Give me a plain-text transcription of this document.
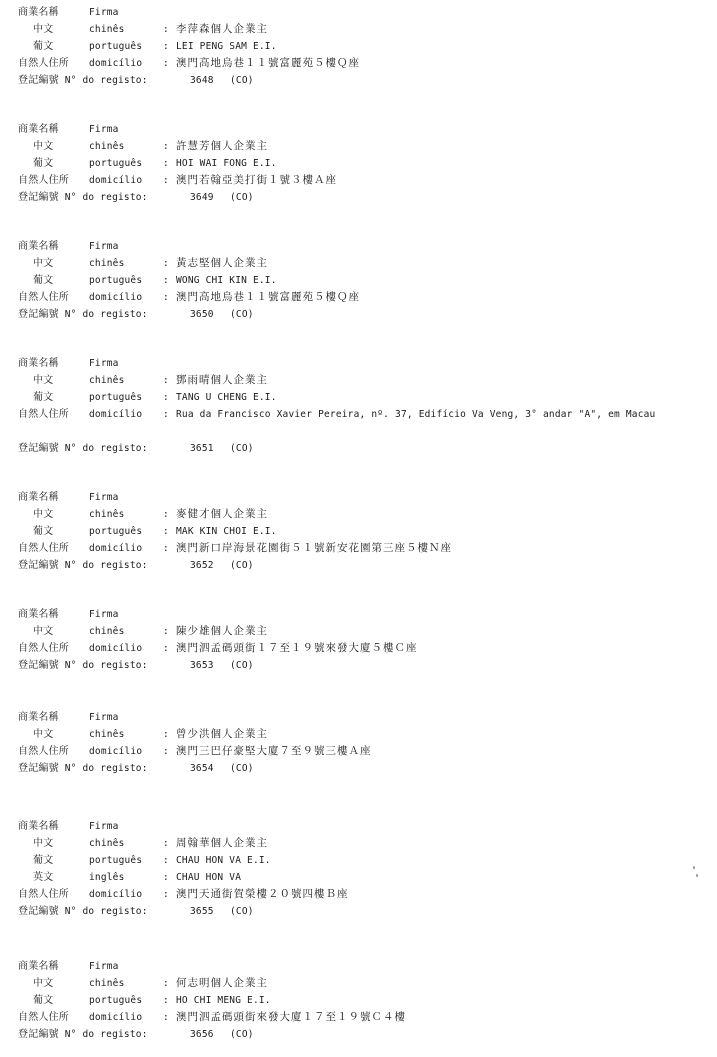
商業名稱	Firma
中文	chinês	: 李萍森個人企業主
葡文	português : LEI PENG SAM E.I.
自然人住所 domicílio : 澳門高地烏巷１１號富麗苑５樓Ｑ座
登記編號 N° do registo:	3648 (CO)
商業名稱	Firma
中文	chinês	: 許慧芳個人企業主
葡文	português : HOI WAI FONG E.I.
自然人住所 domicílio : 澳門若翰亞美打街１號３樓Ａ座
登記編號 N° do registo:	3649 (CO)
商業名稱	Firma
中文	chinês	: 黃志堅個人企業主
葡文	português : WONG CHI KIN E.I.
自然人住所 domicílio : 澳門高地烏巷１１號富麗苑５樓Ｑ座
登記編號 N° do registo:	3650 (CO)
商業名稱	Firma
中文	chinês	: 鄧雨晴個人企業主
葡文	português : TANG U CHENG E.I.
自然人住所 domicílio : Rua da Francisco Xavier Pereira, nº. 37, Edifício Va Veng, 3° andar "A", em Macau
登記編號 N° do registo:	3651 (CO)
商業名稱	Firma
中文	chinês	: 麥健才個人企業主
葡文	português : MAK KIN CHOI E.I.
自然人住所 domicílio : 澳門新口岸海景花園街５１號新安花園第三座５樓Ｎ座
登記編號 N° do registo:	3652 (CO)
商業名稱	Firma
中文	chinês	: 陳少雄個人企業主
自然人住所 domicílio : 澳門泗孟碼頭街１７至１９號來發大廈５樓Ｃ座
登記編號 N° do registo:	3653 (CO)
商業名稱	Firma
中文	chinês	: 曾少洪個人企業主
自然人住所 domicílio : 澳門三巴仔豪堅大廈７至９號三樓Ａ座
登記編號 N° do registo:	3654 (CO)
商業名稱	Firma
中文	chinês	: 周翰華個人企業主
葡文	português : CHAU HON VA E.I.
英文	inglês	: CHAU HON VA
自然人住所 domicílio : 澳門天通街賀榮樓２０號四樓Ｂ座
登記編號 N° do registo:	3655 (CO)
商業名稱	Firma
中文	chinês	: 何志明個人企業主
葡文	português : HO CHI MENG E.I.
自然人住所 domicílio : 澳門泗孟碼頭街來發大廈１７至１９號Ｃ４樓
登記編號 N° do registo:	3656 (CO)
